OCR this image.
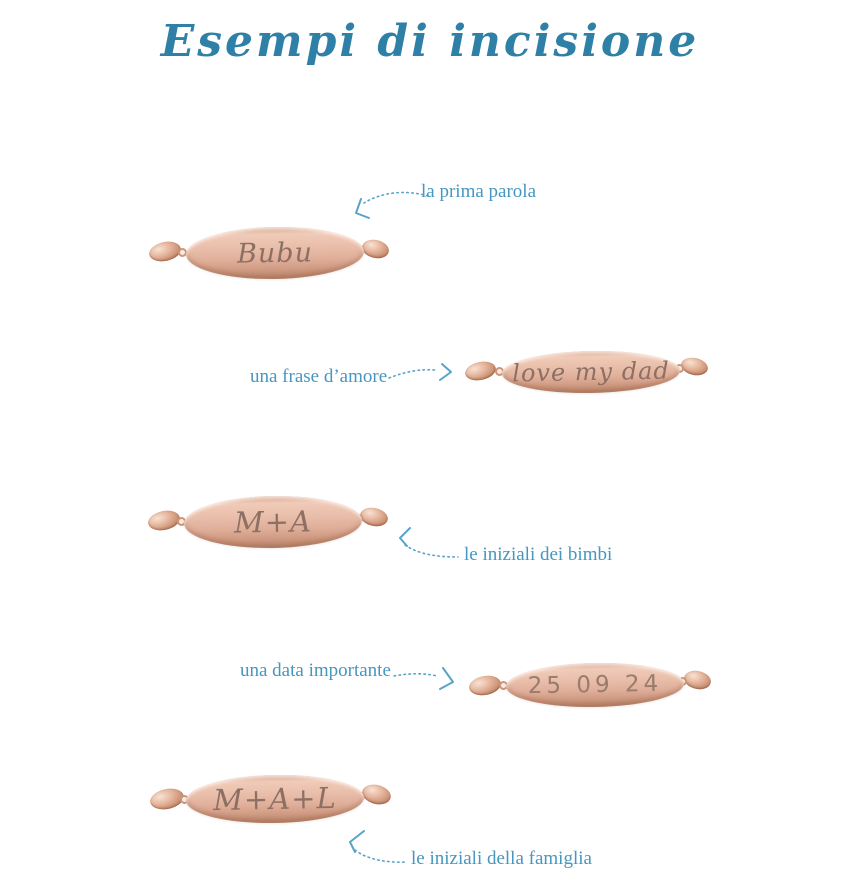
Esempi di incisione
Bubu
la prima parola
love my dad
una frase d’amore
M+A
le iniziali dei bimbi
25 09 24
una data importante
M+A+L
le iniziali della famiglia
